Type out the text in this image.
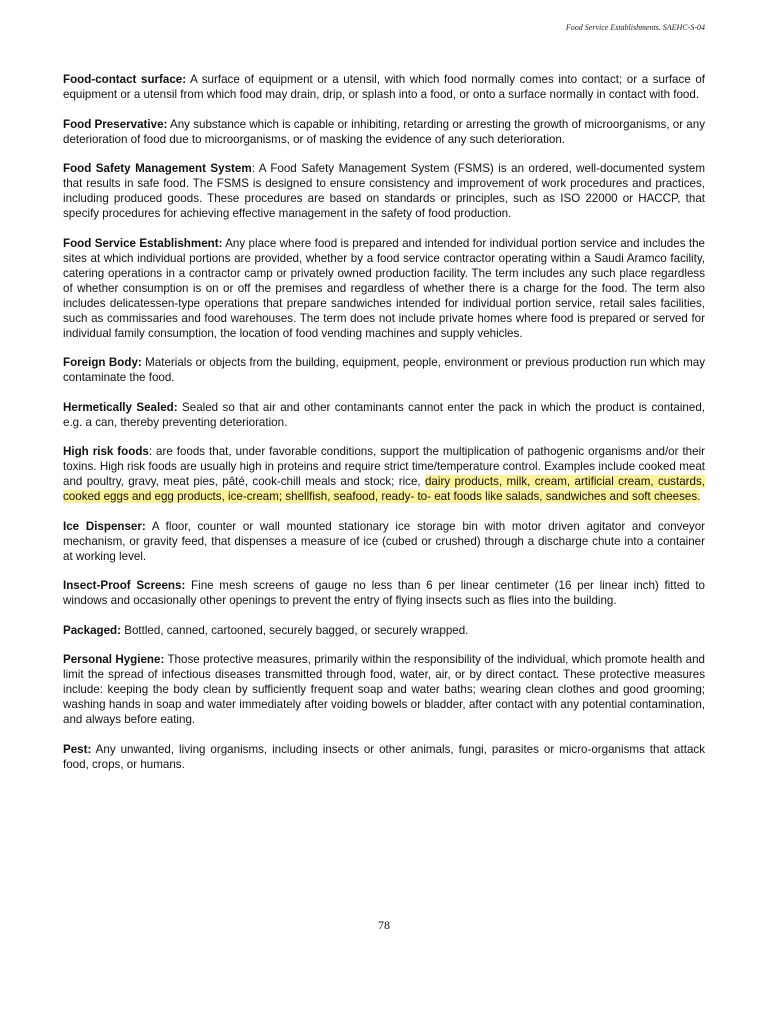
Food Service Establishments. SAEHC-S-04

Food-contact surface: A surface of equipment or a utensil, with which food normally comes into contact; or a surface of equipment or a utensil from which food may drain, drip, or splash into a food, or onto a surface normally in contact with food.

Food Preservative: Any substance which is capable or inhibiting, retarding or arresting the growth of microorganisms, or any deterioration of food due to microorganisms, or of masking the evidence of any such deterioration.

Food Safety Management System: A Food Safety Management System (FSMS) is an ordered, well-documented system that results in safe food. The FSMS is designed to ensure consistency and improvement of work procedures and practices, including produced goods. These procedures are based on standards or principles, such as ISO 22000 or HACCP, that specify procedures for achieving effective management in the safety of food production.

Food Service Establishment: Any place where food is prepared and intended for individual portion service and includes the sites at which individual portions are provided, whether by a food service contractor operating within a Saudi Aramco facility, catering operations in a contractor camp or privately owned production facility. The term includes any such place regardless of whether consumption is on or off the premises and regardless of whether there is a charge for the food. The term also includes delicatessen-type operations that prepare sandwiches intended for individual portion service, retail sales facilities, such as commissaries and food warehouses. The term does not include private homes where food is prepared or served for individual family consumption, the location of food vending machines and supply vehicles.

Foreign Body: Materials or objects from the building, equipment, people, environment or previous production run which may contaminate the food.

Hermetically Sealed: Sealed so that air and other contaminants cannot enter the pack in which the product is contained, e.g. a can, thereby preventing deterioration.

High risk foods: are foods that, under favorable conditions, support the multiplication of pathogenic organisms and/or their toxins. High risk foods are usually high in proteins and require strict time/temperature control. Examples include cooked meat and poultry, gravy, meat pies, pâté, cook-chill meals and stock; rice, dairy products, milk, cream, artificial cream, custards, cooked eggs and egg products, ice-cream; shellfish, seafood, ready- to- eat foods like salads, sandwiches and soft cheeses.

Ice Dispenser: A floor, counter or wall mounted stationary ice storage bin with motor driven agitator and conveyor mechanism, or gravity feed, that dispenses a measure of ice (cubed or crushed) through a discharge chute into a container at working level.

Insect-Proof Screens: Fine mesh screens of gauge no less than 6 per linear centimeter (16 per linear inch) fitted to windows and occasionally other openings to prevent the entry of flying insects such as flies into the building.

Packaged: Bottled, canned, cartooned, securely bagged, or securely wrapped.

Personal Hygiene: Those protective measures, primarily within the responsibility of the individual, which promote health and limit the spread of infectious diseases transmitted through food, water, air, or by direct contact. These protective measures include: keeping the body clean by sufficiently frequent soap and water baths; wearing clean clothes and good grooming; washing hands in soap and water immediately after voiding bowels or bladder, after contact with any potential contamination, and always before eating.

Pest: Any unwanted, living organisms, including insects or other animals, fungi, parasites or micro-organisms that attack food, crops, or humans.

78
